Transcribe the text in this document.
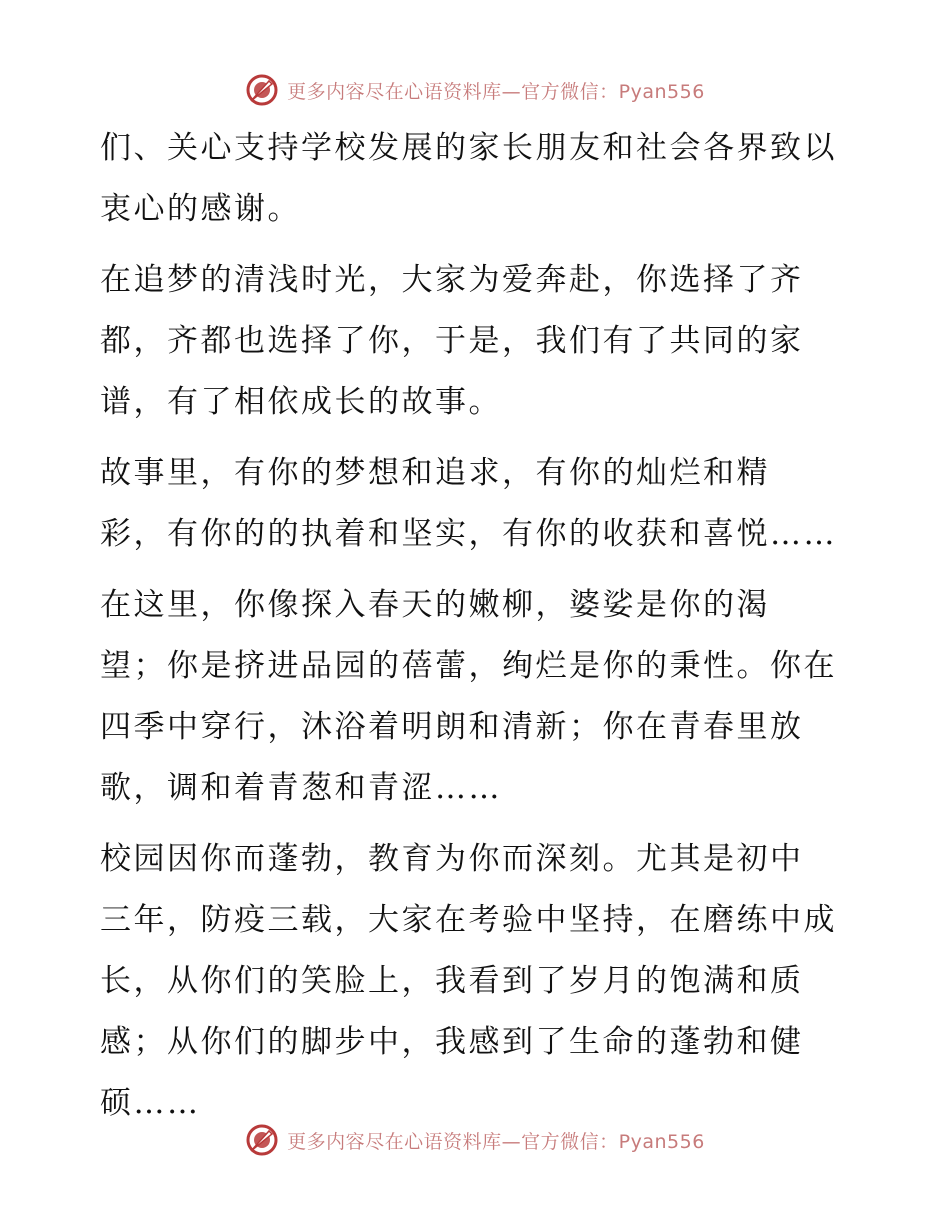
更多内容尽在心语资料库—官方微信：Pyan556

们、关心支持学校发展的家长朋友和社会各界致以
衷心的感谢。

在追梦的清浅时光，大家为爱奔赴，你选择了齐
都，齐都也选择了你，于是，我们有了共同的家
谱，有了相依成长的故事。

故事里，有你的梦想和追求，有你的灿烂和精
彩，有你的的执着和坚实，有你的收获和喜悦……

在这里，你像探入春天的嫩柳，婆娑是你的渴
望；你是挤进品园的蓓蕾，绚烂是你的秉性。你在
四季中穿行，沐浴着明朗和清新；你在青春里放
歌，调和着青葱和青涩……

校园因你而蓬勃，教育为你而深刻。尤其是初中
三年，防疫三载，大家在考验中坚持，在磨练中成
长，从你们的笑脸上，我看到了岁月的饱满和质
感；从你们的脚步中，我感到了生命的蓬勃和健
硕……

更多内容尽在心语资料库—官方微信：Pyan556
